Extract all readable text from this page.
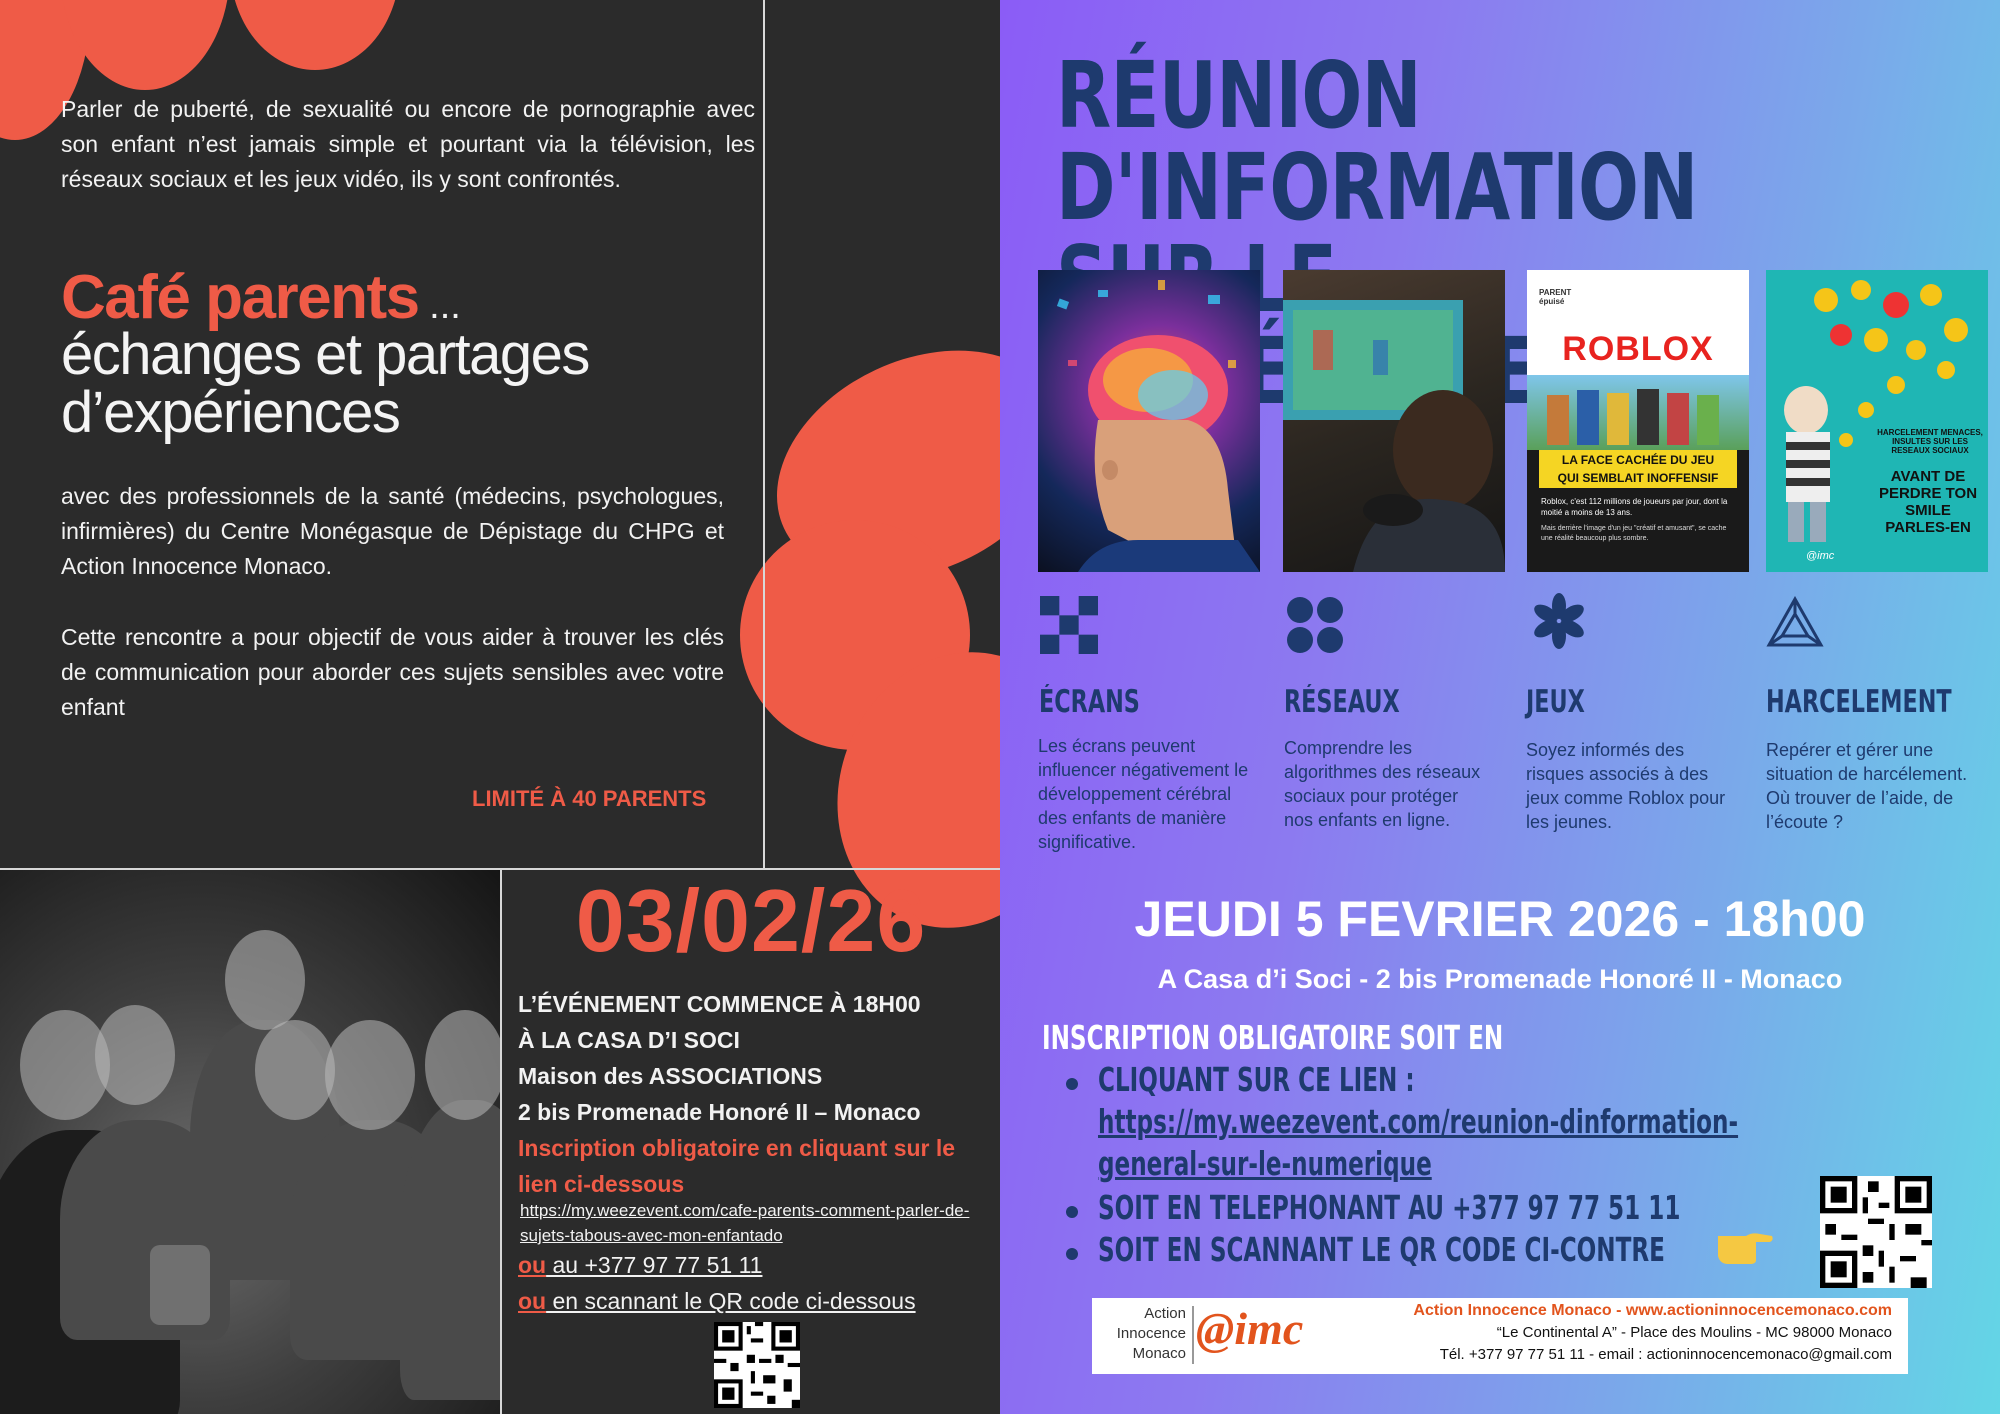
Parler de puberté, de sexualité ou encore de pornographie avec son enfant n’est jamais simple et pourtant via la télévision, les réseaux sociaux et les jeux vidéo, ils y sont confrontés.
Café parents ...
échanges et partages d’expériences
avec des professionnels de la santé (médecins, psychologues, infirmières) du Centre Monégasque de Dépistage du CHPG et Action Innocence Monaco.
Cette rencontre a pour objectif de vous aider à trouver les clés de communication pour aborder ces sujets sensibles avec votre enfant
LIMITÉ À 40 PARENTS
03/02/26
L’ÉVÉNEMENT COMMENCE À 18H00
À LA CASA D’I SOCI
Maison des ASSOCIATIONS
2 bis Promenade Honoré II – Monaco
Inscription obligatoire en cliquant sur le lien ci-dessous
https://my.weezevent.com/cafe-parents-comment-parler-de-sujets-tabous-avec-mon-enfantado
ou au +377 97 77 51 11
ou en scannant le QR code ci-dessous
RÉUNION D'INFORMATION
PARENT épuisé
ROBLOX
LA FACE CACHÉE DU JEU
QUI SEMBLAIT INOFFENSIF
Roblox, c'est 112 millions de joueurs par jour, dont la moitié a moins de 13 ans.
Mais derrière l'image d'un jeu "créatif et amusant", se cache une réalité beaucoup plus sombre.
HARCELEMENT MENACES, INSULTES SUR LES RESEAUX SOCIAUX
AVANT DE PERDRE TON SMILE PARLES-EN
@imc
ÉCRANS	RÉSEAUX	JEUX	HARCELEMENT
Les écrans peuvent influencer négativement le développement cérébral des enfants de manière significative.
Comprendre les algorithmes des réseaux sociaux pour protéger nos enfants en ligne.
Soyez informés des risques associés à des jeux comme Roblox pour les jeunes.
Repérer et gérer une situation de harcélement. Où trouver de l’aide, de l’écoute ?
JEUDI 5 FEVRIER 2026 - 18h00
A Casa d’i Soci - 2 bis Promenade Honoré II - Monaco
INSCRIPTION OBLIGATOIRE SOIT EN
CLIQUANT SUR CE LIEN :
https://my.weezevent.com/reunion-dinformation-
general-sur-le-numerique
SOIT EN TELEPHONANT AU +377 97 77 51 11
SOIT EN SCANNANT LE QR CODE CI-CONTRE
Action Innocence Monaco @imc	Action Innocence Monaco - www.actioninnocencemonaco.com
“Le Continental A” - Place des Moulins - MC 98000 Monaco
Tél. +377 97 77 51 11 - email : actioninnocencemonaco@gmail.com
